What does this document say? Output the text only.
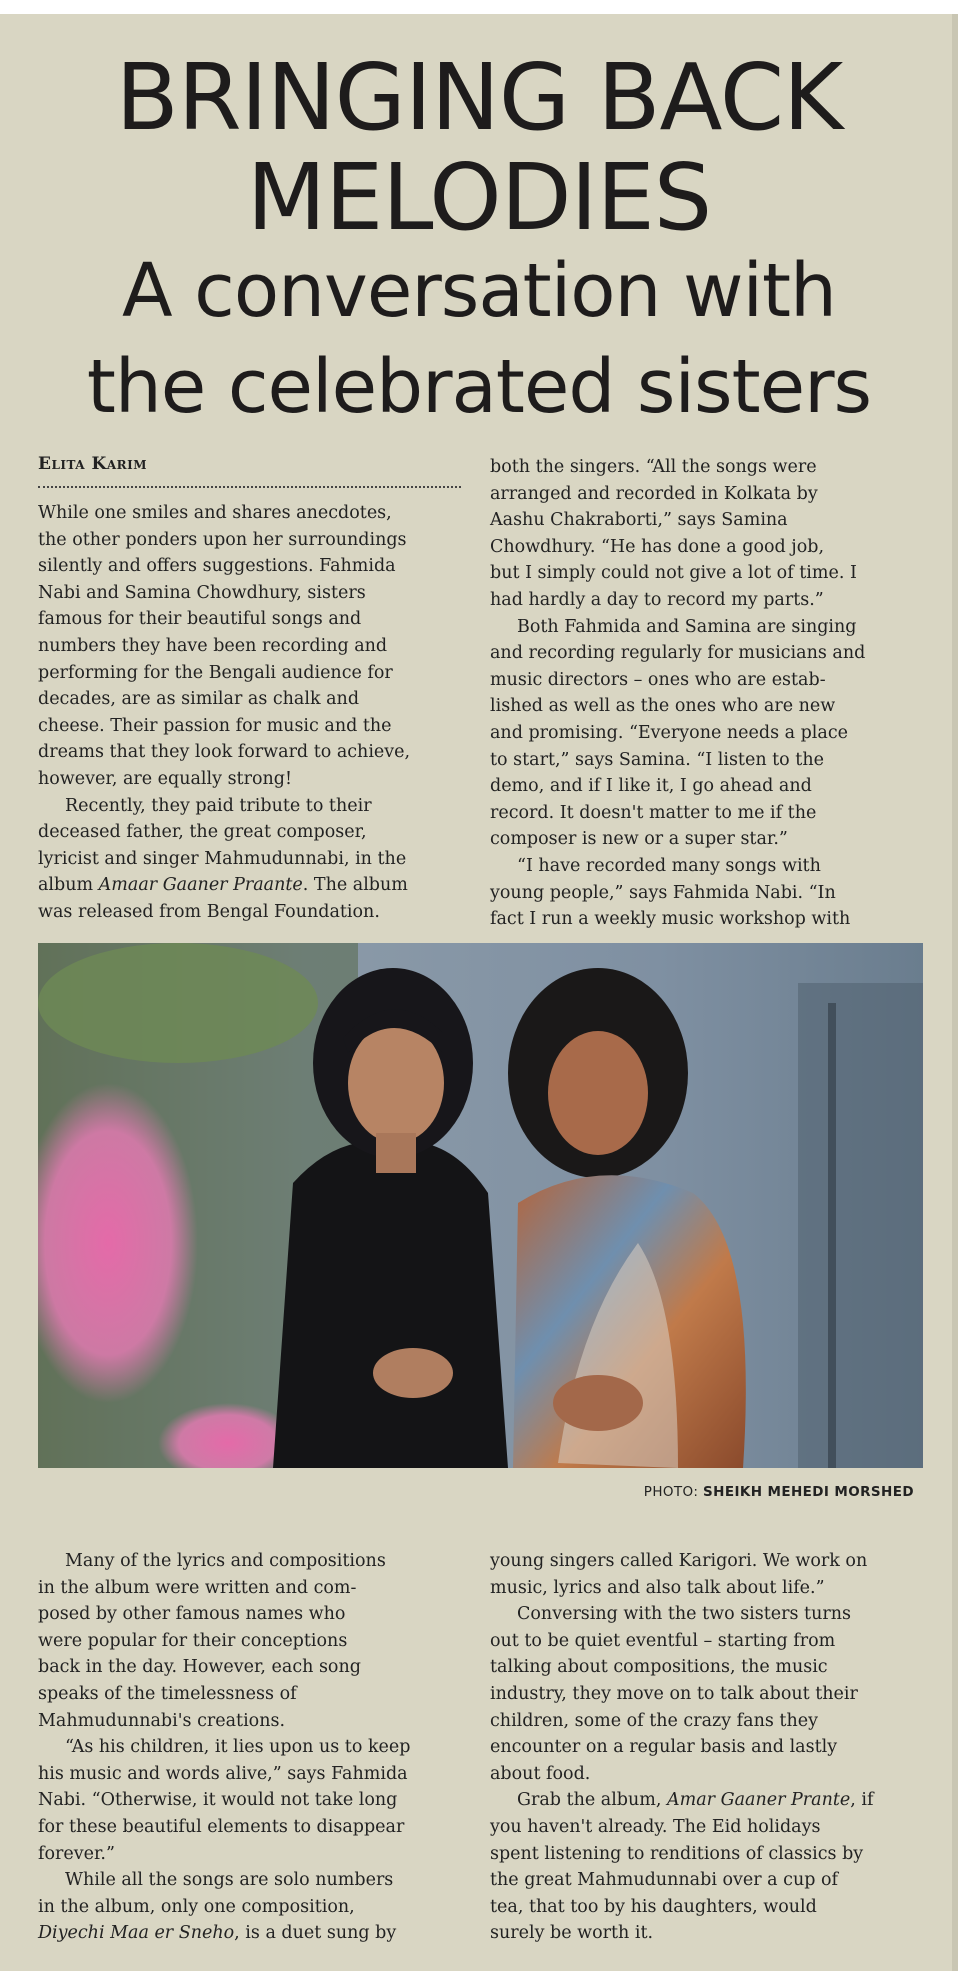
BRINGING BACK
MELODIES
A conversation with
the celebrated sisters
Elita Karim

While one smiles and shares anecdotes,

the other ponders upon her surroundings

silently and offers suggestions. Fahmida

Nabi and Samina Chowdhury, sisters

famous for their beautiful songs and

numbers they have been recording and

performing for the Bengali audience for

decades, are as similar as chalk and

cheese. Their passion for music and the

dreams that they look forward to achieve,

however, are equally strong!

Recently, they paid tribute to their

deceased father, the great composer,

lyricist and singer Mahmudunnabi, in the

album Amaar Gaaner Praante. The album

was released from Bengal Foundation.

both the singers. “All the songs were

arranged and recorded in Kolkata by

Aashu Chakraborti,” says Samina

Chowdhury. “He has done a good job,

but I simply could not give a lot of time. I

had hardly a day to record my parts.”

Both Fahmida and Samina are singing

and recording regularly for musicians and

music directors – ones who are estab-

lished as well as the ones who are new

and promising. “Everyone needs a place

to start,” says Samina. “I listen to the

demo, and if I like it, I go ahead and

record. It doesn't matter to me if the

composer is new or a super star.”

“I have recorded many songs with

young people,” says Fahmida Nabi. “In

fact I run a weekly music workshop with

PHOTO: SHEIKH MEHEDI MORSHED

Many of the lyrics and compositions

in the album were written and com-

posed by other famous names who

were popular for their conceptions

back in the day. However, each song

speaks of the timelessness of

Mahmudunnabi's creations.

“As his children, it lies upon us to keep

his music and words alive,” says Fahmida

Nabi. “Otherwise, it would not take long

for these beautiful elements to disappear

forever.”

While all the songs are solo numbers

in the album, only one composition,

Diyechi Maa er Sneho, is a duet sung by

young singers called Karigori. We work on

music, lyrics and also talk about life.”

Conversing with the two sisters turns

out to be quiet eventful – starting from

talking about compositions, the music

industry, they move on to talk about their

children, some of the crazy fans they

encounter on a regular basis and lastly

about food.

Grab the album, Amar Gaaner Prante, if

you haven't already. The Eid holidays

spent listening to renditions of classics by

the great Mahmudunnabi over a cup of

tea, that too by his daughters, would

surely be worth it.
